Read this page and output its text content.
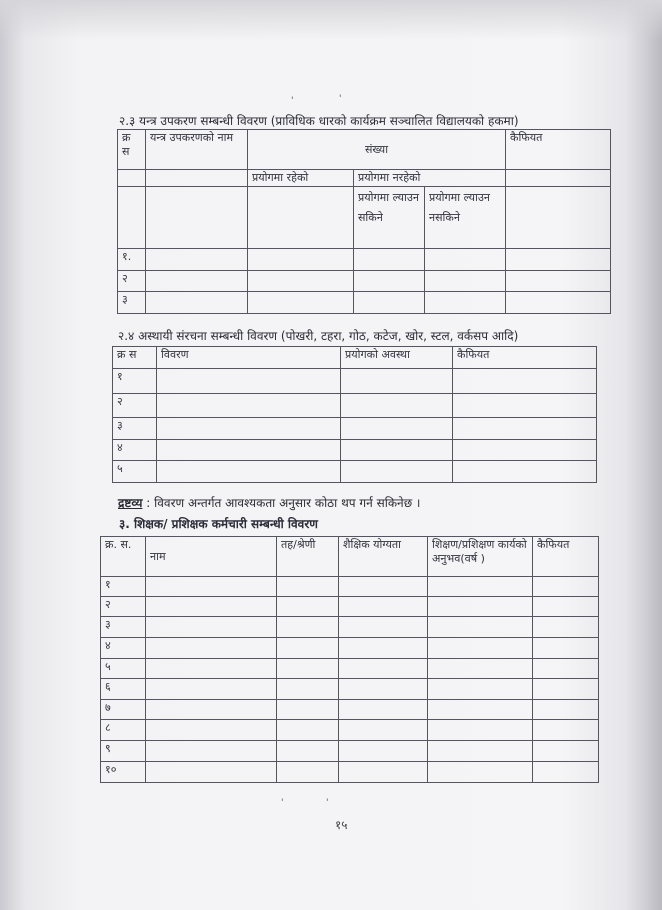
'	'
२.३ यन्त्र उपकरण सम्बन्धी विवरण (प्राविधिक धारको कार्यक्रम सञ्चालित विद्यालयको हकमा)
क्र स	यन्त्र उपकरणको नाम	संख्या			कैफियत
		प्रयोगमा रहेको	प्रयोगमा नरहेको		
			प्रयोगमा ल्याउन सकिने	प्रयोगमा ल्याउन नसकिने	
१.					
२					
३					
२.४ अस्थायी संरचना सम्बन्धी विवरण (पोखरी, टहरा, गोठ, कटेज, खोर, स्टल, वर्कसप आदि)
क्र स	विवरण	प्रयोगको अवस्था	कैफियत
१			
२			
३			
४			
५			
द्रष्टव्य : विवरण अन्तर्गत आवश्यकता अनुसार कोठा थप गर्न सकिनेछ ।
३. शिक्षक/ प्रशिक्षक कर्मचारी सम्बन्धी विवरण
क्र. स.	नाम	तह/श्रेणी	शैक्षिक योग्यता	शिक्षण/प्रशिक्षण कार्यको अनुभव(वर्ष )	कैफियत
१					
२					
३					
४					
५					
६					
७					
८					
९					
१०					
'	'
१५
